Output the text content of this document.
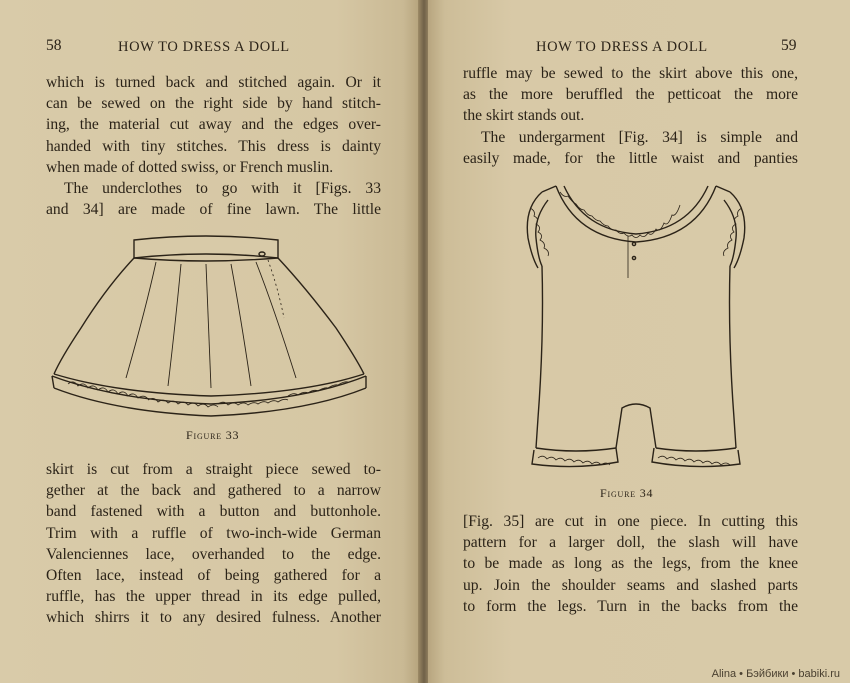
58	HOW TO DRESS A DOLL
which is turned back and stitched again. Or it
can be sewed on the right side by hand stitch-
ing, the material cut away and the edges over-
handed with tiny stitches. This dress is dainty
when made of dotted swiss, or French muslin.
The underclothes to go with it [Figs. 33
and 34] are made of fine lawn. The little
Figure 33
skirt is cut from a straight piece sewed to-
gether at the back and gathered to a narrow
band fastened with a button and buttonhole.
Trim with a ruffle of two-inch-wide German
Valenciennes lace, overhanded to the edge.
Often lace, instead of being gathered for a
ruffle, has the upper thread in its edge pulled,
which shirrs it to any desired fulness. Another
HOW TO DRESS A DOLL	59
ruffle may be sewed to the skirt above this one,
as the more beruffled the petticoat the more
the skirt stands out.
The undergarment [Fig. 34] is simple and
easily made, for the little waist and panties
Figure 34
[Fig. 35] are cut in one piece. In cutting this
pattern for a larger doll, the slash will have
to be made as long as the legs, from the knee
up. Join the shoulder seams and slashed parts
to form the legs. Turn in the backs from the
Alina • Бэйбики • babiki.ru
